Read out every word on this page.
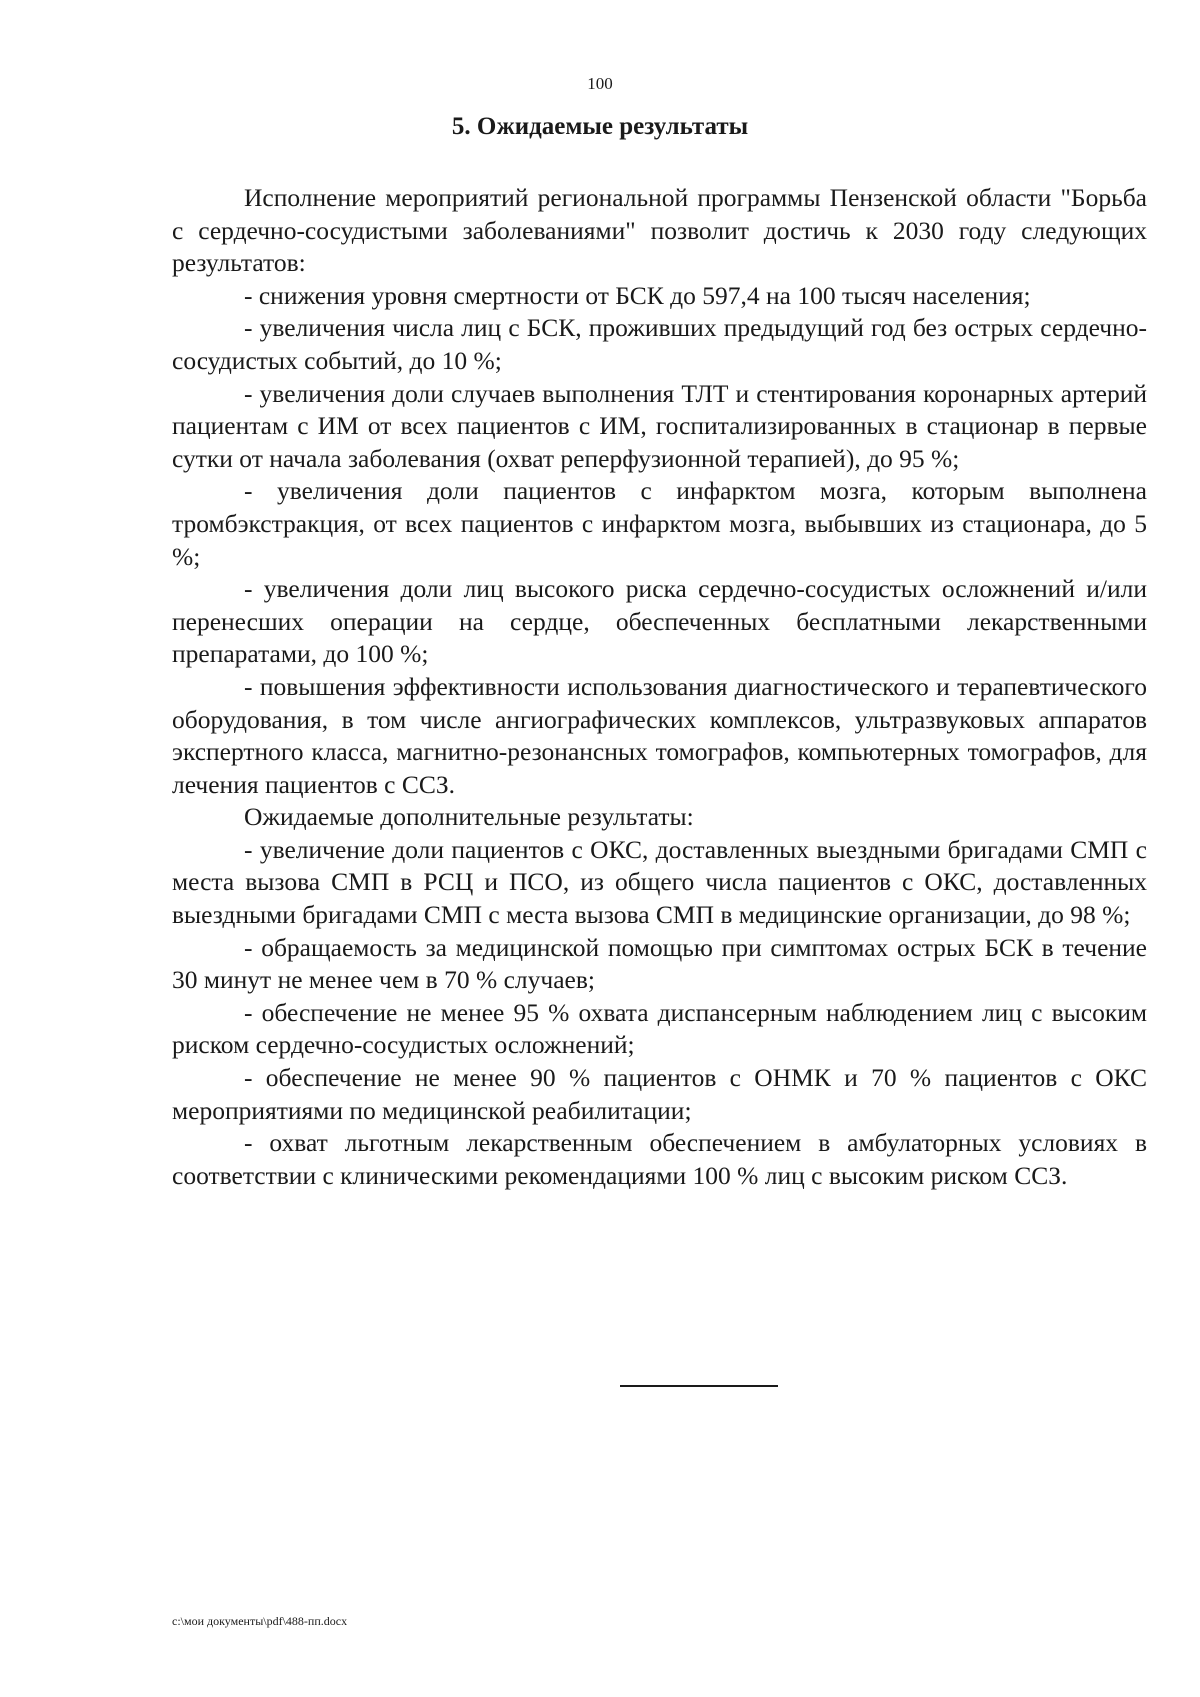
100
5. Ожидаемые результаты

Исполнение мероприятий региональной программы Пензенской области "Борьба с сердечно-сосудистыми заболеваниями" позволит достичь к 2030 году следующих результатов:

- снижения уровня смертности от БСК до 597,4 на 100 тысяч населения;

- увеличения числа лиц с БСК, проживших предыдущий год без острых сердечно-сосудистых событий, до 10 %;

- увеличения доли случаев выполнения ТЛТ и стентирования коронарных артерий пациентам с ИМ от всех пациентов с ИМ, госпитализированных в стационар в первые сутки от начала заболевания (охват реперфузионной терапией), до 95 %;

- увеличения доли пациентов с инфарктом мозга, которым выполнена тромбэкстракция, от всех пациентов с инфарктом мозга, выбывших из стационара, до 5 %;

- увеличения доли лиц высокого риска сердечно-сосудистых осложнений и/или перенесших операции на сердце, обеспеченных бесплатными лекарственными препаратами, до 100 %;

- повышения эффективности использования диагностического и терапевтического оборудования, в том числе ангиографических комплексов, ультразвуковых аппаратов экспертного класса, магнитно-резонансных томографов, компьютерных томографов, для лечения пациентов с ССЗ.

Ожидаемые дополнительные результаты:

- увеличение доли пациентов с ОКС, доставленных выездными бригадами СМП с места вызова СМП в РСЦ и ПСО, из общего числа пациентов с ОКС, доставленных выездными бригадами СМП с места вызова СМП в медицинские организации, до 98 %;

- обращаемость за медицинской помощью при симптомах острых БСК в течение 30 минут не менее чем в 70 % случаев;

- обеспечение не менее 95 % охвата диспансерным наблюдением лиц с высоким риском сердечно-сосудистых осложнений;

- обеспечение не менее 90 % пациентов с ОНМК и 70 % пациентов с ОКС мероприятиями по медицинской реабилитации;

- охват льготным лекарственным обеспечением в амбулаторных условиях в соответствии с клиническими рекомендациями 100 % лиц с высоким риском ССЗ.

c:\мои документы\pdf\488-пп.docx
